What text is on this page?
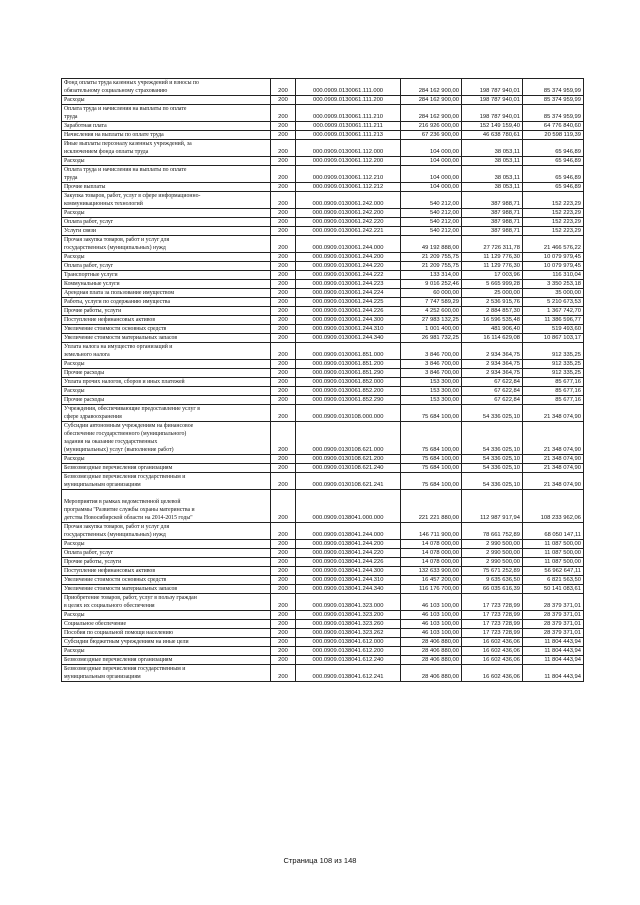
Фонд оплаты труда казенных учреждений и взносы по
обязательному социальному страхованию	200	000.0909.0130061.111.000	284 162 900,00	198 787 940,01	85 374 959,99

Расходы	200	000.0909.0130061.111.200	284 162 900,00	198 787 940,01	85 374 959,99

Оплата труда и начисления на выплаты по оплате
труда	200	000.0909.0130061.111.210	284 162 900,00	198 787 940,01	85 374 959,99

Заработная плата	200	000.0909.0130061.111.211	216 926 000,00	152 149 159,40	64 776 840,60

Начисления на выплаты по оплате труда	200	000.0909.0130061.111.213	67 236 900,00	46 638 780,61	20 598 119,39

Иные выплаты персоналу казенных учреждений, за
исключением фонда оплаты труда	200	000.0909.0130061.112.000	104 000,00	38 053,11	65 946,89

Расходы	200	000.0909.0130061.112.200	104 000,00	38 053,11	65 946,89

Оплата труда и начисления на выплаты по оплате
труда	200	000.0909.0130061.112.210	104 000,00	38 053,11	65 946,89

Прочие выплаты	200	000.0909.0130061.112.212	104 000,00	38 053,11	65 946,89

Закупка товаров, работ, услуг в сфере информационно-
коммуникационных технологий	200	000.0909.0130061.242.000	540 212,00	387 988,71	152 223,29

Расходы	200	000.0909.0130061.242.200	540 212,00	387 988,71	152 223,29

Оплата работ, услуг	200	000.0909.0130061.242.220	540 212,00	387 988,71	152 223,29

Услуги связи	200	000.0909.0130061.242.221	540 212,00	387 988,71	152 223,29

Прочая закупка товаров, работ и услуг для
государственных (муниципальных) нужд	200	000.0909.0130061.244.000	49 192 888,00	27 726 311,78	21 466 576,22

Расходы	200	000.0909.0130061.244.200	21 209 755,75	11 129 776,30	10 079 979,45

Оплата работ, услуг	200	000.0909.0130061.244.220	21 209 755,75	11 129 776,30	10 079 979,45

Транспортные услуги	200	000.0909.0130061.244.222	133 314,00	17 003,96	116 310,04

Коммунальные услуги	200	000.0909.0130061.244.223	9 016 252,46	5 665 999,28	3 350 253,18

Арендная плата за пользование имуществом	200	000.0909.0130061.244.224	60 000,00	25 000,00	35 000,00

Работы, услуги по содержанию имущества	200	000.0909.0130061.244.225	7 747 589,29	2 536 915,76	5 210 673,53

Прочие работы, услуги	200	000.0909.0130061.244.226	4 252 600,00	2 884 857,30	1 367 742,70

Поступление нефинансовых активов	200	000.0909.0130061.244.300	27 983 132,25	16 596 535,48	11 386 596,77

Увеличение стоимости основных средств	200	000.0909.0130061.244.310	1 001 400,00	481 906,40	519 493,60

Увеличение стоимости материальных запасов	200	000.0909.0130061.244.340	26 981 732,25	16 114 629,08	10 867 103,17

Уплата налога на имущество организаций и
земельного налога	200	000.0909.0130061.851.000	3 846 700,00	2 934 364,75	912 335,25

Расходы	200	000.0909.0130061.851.200	3 846 700,00	2 934 364,75	912 335,25

Прочие расходы	200	000.0909.0130061.851.290	3 846 700,00	2 934 364,75	912 335,25

Уплата прочих налогов, сборов и иных платежей	200	000.0909.0130061.852.000	153 300,00	67 622,84	85 677,16

Расходы	200	000.0909.0130061.852.200	153 300,00	67 622,84	85 677,16

Прочие расходы	200	000.0909.0130061.852.290	153 300,00	67 622,84	85 677,16

Учреждения, обеспечивающие предоставление услуг в
сфере здравоохранения	200	000.0909.0130108.000.000	75 684 100,00	54 336 025,10	21 348 074,90

Субсидии автономным учреждениям на финансовое
обеспечение государственного (муниципального)
задания на оказание государственных
(муниципальных) услуг (выполнение работ)	200	000.0909.0130108.621.000	75 684 100,00	54 336 025,10	21 348 074,90

Расходы	200	000.0909.0130108.621.200	75 684 100,00	54 336 025,10	21 348 074,90

Безвозмездные перечисления организациям	200	000.0909.0130108.621.240	75 684 100,00	54 336 025,10	21 348 074,90

Безвозмездные перечисления государственным и
муниципальным организациям	200	000.0909.0130108.621.241	75 684 100,00	54 336 025,10	21 348 074,90

Мероприятия в рамках ведомственной целевой
программы "Развитие службы охраны материнства и
детства Новосибирской области на 2014-2015 годы"	200	000.0909.0138041.000.000	221 221 880,00	112 987 917,94	108 233 962,06

Прочая закупка товаров, работ и услуг для
государственных (муниципальных) нужд	200	000.0909.0138041.244.000	146 711 900,00	78 661 752,89	68 050 147,11

Расходы	200	000.0909.0138041.244.200	14 078 000,00	2 990 500,00	11 087 500,00

Оплата работ, услуг	200	000.0909.0138041.244.220	14 078 000,00	2 990 500,00	11 087 500,00

Прочие работы, услуги	200	000.0909.0138041.244.226	14 078 000,00	2 990 500,00	11 087 500,00

Поступление нефинансовых активов	200	000.0909.0138041.244.300	132 633 900,00	75 671 252,89	56 962 647,11

Увеличение стоимости основных средств	200	000.0909.0138041.244.310	16 457 200,00	9 635 636,50	6 821 563,50

Увеличение стоимости материальных запасов	200	000.0909.0138041.244.340	116 176 700,00	66 035 616,39	50 141 083,61

Приобретение товаров, работ, услуг в пользу граждан
в целях их социального обеспечения	200	000.0909.0138041.323.000	46 103 100,00	17 723 728,99	28 379 371,01

Расходы	200	000.0909.0138041.323.200	46 103 100,00	17 723 728,99	28 379 371,01

Социальное обеспечение	200	000.0909.0138041.323.260	46 103 100,00	17 723 728,99	28 379 371,01

Пособия по социальной помощи населению	200	000.0909.0138041.323.262	46 103 100,00	17 723 728,99	28 379 371,01

Субсидии бюджетным учреждениям на иные цели	200	000.0909.0138041.612.000	28 406 880,00	16 602 436,06	11 804 443,94

Расходы	200	000.0909.0138041.612.200	28 406 880,00	16 602 436,06	11 804 443,94

Безвозмездные перечисления организациям	200	000.0909.0138041.612.240	28 406 880,00	16 602 436,06	11 804 443,94

Безвозмездные перечисления государственным и
муниципальным организациям	200	000.0909.0138041.612.241	28 406 880,00	16 602 436,06	11 804 443,94
Страница 108 из 148
